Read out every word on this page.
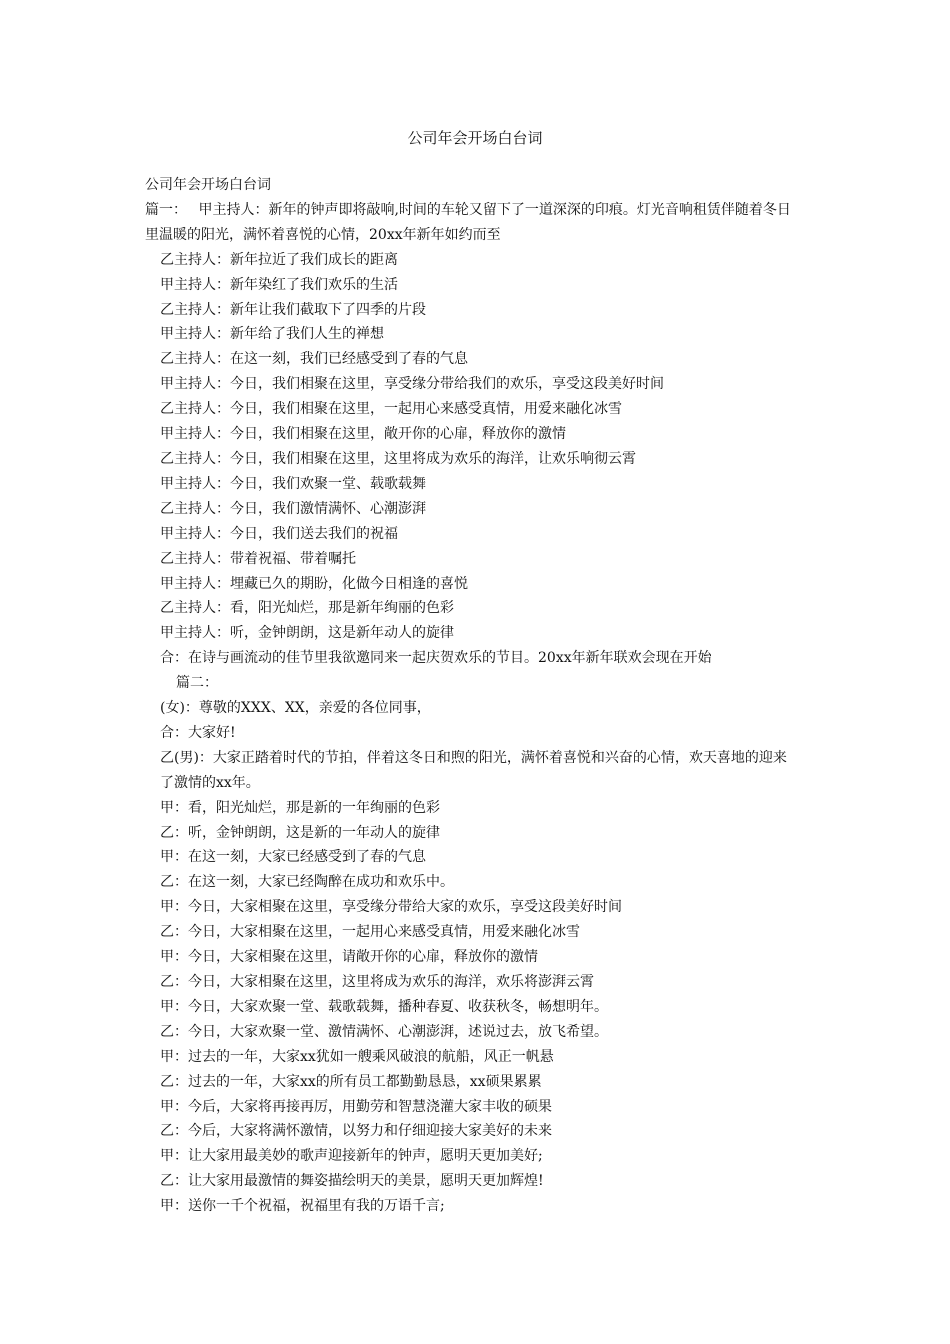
公司年会开场白台词
公司年会开场白台词
篇一：　 甲主持人：新年的钟声即将敲响,时间的车轮又留下了一道深深的印痕。灯光音响租赁伴随着冬日里温暖的阳光，满怀着喜悦的心情，20xx年新年如约而至
乙主持人：新年拉近了我们成长的距离
甲主持人：新年染红了我们欢乐的生活
乙主持人：新年让我们截取下了四季的片段
甲主持人：新年给了我们人生的禅想
乙主持人：在这一刻，我们已经感受到了春的气息
甲主持人：今日，我们相聚在这里，享受缘分带给我们的欢乐，享受这段美好时间
乙主持人：今日，我们相聚在这里，一起用心来感受真情，用爱来融化冰雪
甲主持人：今日，我们相聚在这里，敞开你的心扉，释放你的激情
乙主持人：今日，我们相聚在这里，这里将成为欢乐的海洋，让欢乐响彻云霄
甲主持人：今日，我们欢聚一堂、载歌载舞
乙主持人：今日，我们激情满怀、心潮澎湃
甲主持人：今日，我们送去我们的祝福
乙主持人：带着祝福、带着嘱托
甲主持人：埋藏已久的期盼，化做今日相逢的喜悦
乙主持人：看，阳光灿烂，那是新年绚丽的色彩
甲主持人：听，金钟朗朗，这是新年动人的旋律
合：在诗与画流动的佳节里我欲邀同来一起庆贺欢乐的节目。20xx年新年联欢会现在开始
篇二：
(女)：尊敬的XXX、XX，亲爱的各位同事，
合：大家好!
乙(男)：大家正踏着时代的节拍，伴着这冬日和煦的阳光，满怀着喜悦和兴奋的心情，欢天喜地的迎来了激情的xx年。
甲：看，阳光灿烂，那是新的一年绚丽的色彩
乙：听，金钟朗朗，这是新的一年动人的旋律
甲：在这一刻，大家已经感受到了春的气息
乙：在这一刻，大家已经陶醉在成功和欢乐中。
甲：今日，大家相聚在这里，享受缘分带给大家的欢乐，享受这段美好时间
乙：今日，大家相聚在这里，一起用心来感受真情，用爱来融化冰雪
甲：今日，大家相聚在这里，请敞开你的心扉，释放你的激情
乙：今日，大家相聚在这里，这里将成为欢乐的海洋，欢乐将澎湃云霄
甲：今日，大家欢聚一堂、载歌载舞，播种春夏、收获秋冬，畅想明年。
乙：今日，大家欢聚一堂、激情满怀、心潮澎湃，述说过去，放飞希望。
甲：过去的一年，大家xx犹如一艘乘风破浪的航船，风正一帆悬
乙：过去的一年，大家xx的所有员工都勤勤恳恳，xx硕果累累
甲：今后，大家将再接再厉，用勤劳和智慧浇灌大家丰收的硕果
乙：今后，大家将满怀激情，以努力和仔细迎接大家美好的未来
甲：让大家用最美妙的歌声迎接新年的钟声，愿明天更加美好;
乙：让大家用最激情的舞姿描绘明天的美景，愿明天更加辉煌!
甲：送你一千个祝福，祝福里有我的万语千言;
